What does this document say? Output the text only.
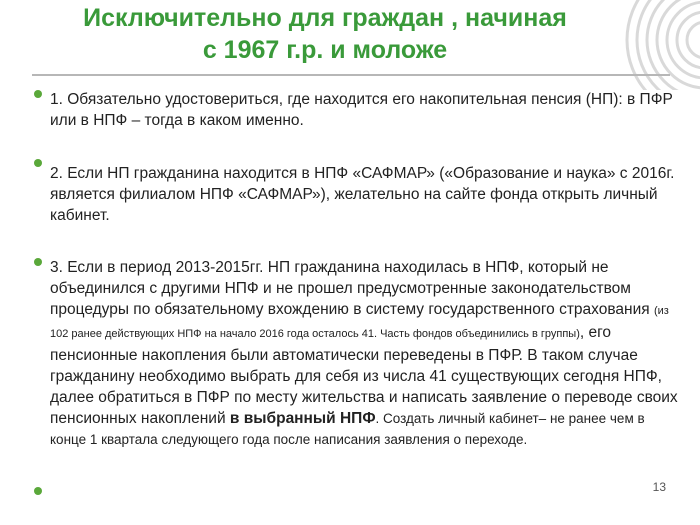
Исключительно для граждан , начиная
с 1967 г.р. и моложе
1. Обязательно удостовериться, где находится его накопительная пенсия (НП): в ПФР или в НПФ – тогда в каком именно.
2. Если НП гражданина находится в НПФ «САФМАР» («Образование и наука» с 2016г. является филиалом НПФ «САФМАР»), желательно на сайте фонда открыть личный кабинет.
3. Если в период 2013-2015гг. НП гражданина находилась в НПФ, который не объединился с другими НПФ и не прошел предусмотренные законодательством процедуры по обязательному вхождению в систему государственного страхования (из 102 ранее действующих НПФ на начало 2016 года осталось 41. Часть фондов объединились в группы), его пенсионные накопления были автоматически переведены в ПФР. В таком случае гражданину необходимо выбрать для себя из числа 41 существующих сегодня НПФ, далее обратиться в ПФР по месту жительства и написать заявление о переводе своих пенсионных накоплений в выбранный НПФ. Создать личный кабинет– не ранее чем в конце 1 квартала следующего года после написания заявления о переходе.
13
